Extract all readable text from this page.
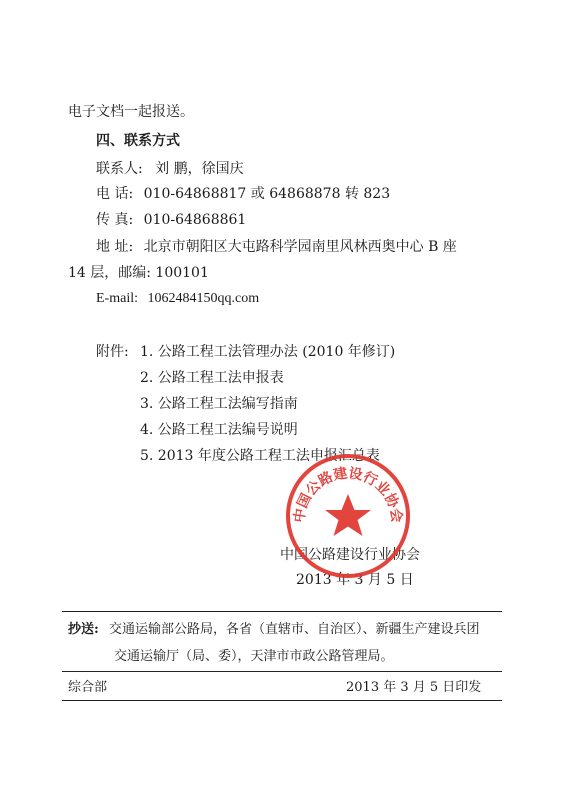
电子文档一起报送。
四、联系方式
联系人: 刘 鹏，徐国庆
电 话: 010-64868817 或 64868878 转 823
传 真: 010-64868861
地 址: 北京市朝阳区大屯路科学园南里风林西奥中心 B 座
14 层，邮编: 100101
E-mail: 1062484150qq.com
附件: 1. 公路工程工法管理办法 (2010 年修订)
2. 公路工程工法申报表
3. 公路工程工法编写指南
4. 公路工程工法编号说明
5. 2013 年度公路工程工法申报汇总表
中国公路建设行业协会
2013 年 3 月 5 日
中国公路建设行业协会
抄送: 交通运输部公路局，各省（直辖市、自治区）、新疆生产建设兵团
交通运输厅（局、委），天津市市政公路管理局。
综合部	2013 年 3 月 5 日印发
